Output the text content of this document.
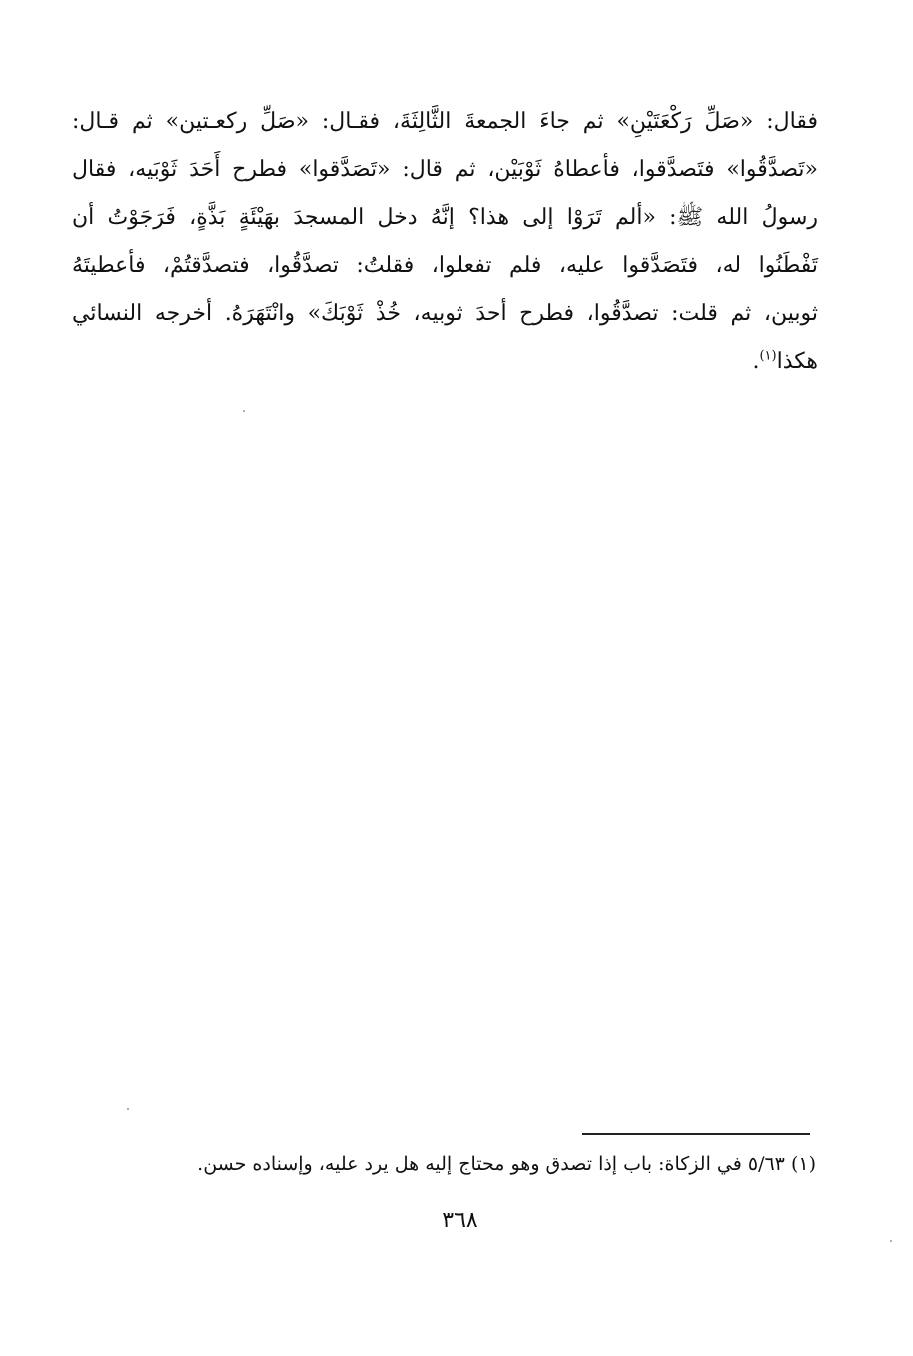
فقال: «صَلِّ رَكْعَتَيْنِ» ثم جاءَ الجمعةَ الثَّالِثَةَ، فقـال: «صَلِّ ركعـتين» ثم قـال:
«تَصدَّقُوا» فتَصدَّقوا، فأعطاهُ ثَوْبَيْن، ثم قال: «تَصَدَّقوا» فطرح أَحَدَ ثَوْبَيه، فقال
رسولُ الله ﷺ: «ألم تَرَوْا إلى هذا؟ إنَّهُ دخل المسجدَ بهَيْئَةٍ بَذَّةٍ، فَرَجَوْتُ أن
تَفْطَنُوا له، فتَصَدَّقوا عليه، فلم تفعلوا، فقلتُ: تصدَّقُوا، فتصدَّقتُمْ، فأعطيتَهُ
ثوبين، ثم قلت: تصدَّقُوا، فطرح أحدَ ثوبيه، خُذْ ثَوْبَكَ» وانْتَهَرَهُ. أخرجه النسائي
هكذا$^{(١)}$.
(١) ٥/٦٣ في الزكاة: باب إذا تصدق وهو محتاج إليه هل يرد عليه، وإسناده حسن.
٣٦٨
